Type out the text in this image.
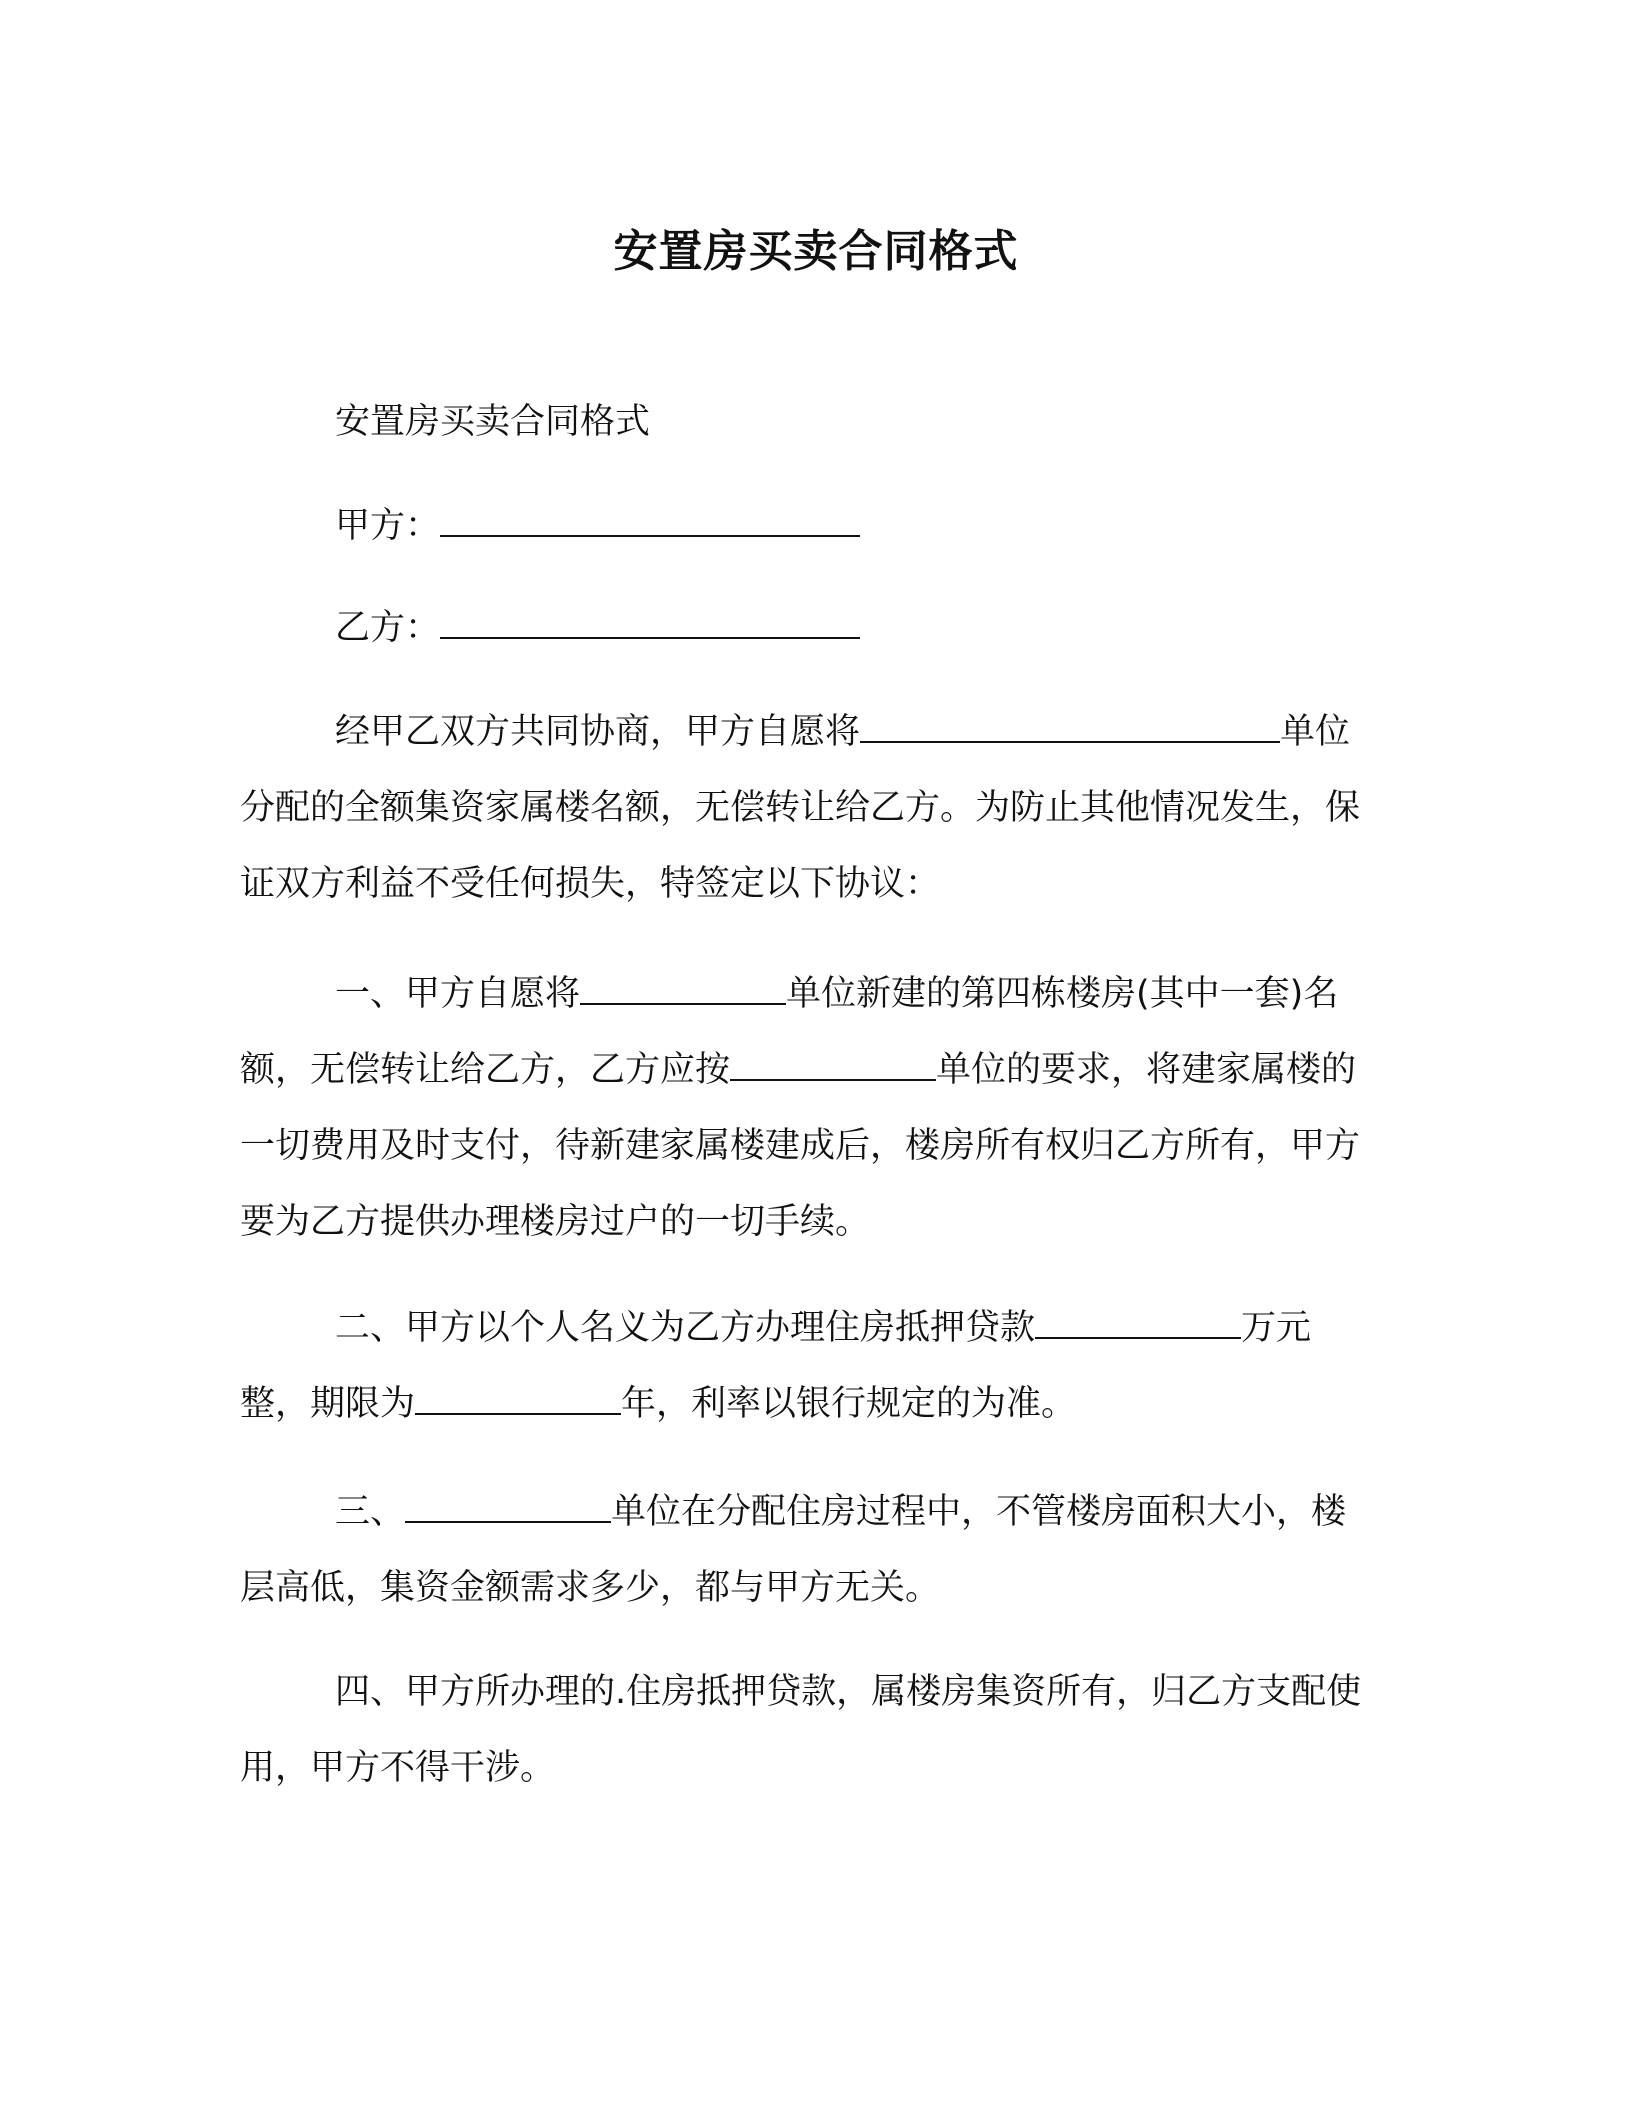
安置房买卖合同格式

安置房买卖合同格式

甲方：

乙方：

经甲乙双方共同协商，甲方自愿将	单位分配的全额集资家属楼名额，无偿转让给乙方。为防止其他情况发生，保证双方利益不受任何损失，特签定以下协议：

一、甲方自愿将	单位新建的第四栋楼房(其中一套)名额，无偿转让给乙方，乙方应按	单位的要求，将建家属楼的一切费用及时支付，待新建家属楼建成后，楼房所有权归乙方所有，甲方要为乙方提供办理楼房过户的一切手续。

二、甲方以个人名义为乙方办理住房抵押贷款	万元整，期限为	年，利率以银行规定的为准。

三、	单位在分配住房过程中，不管楼房面积大小，楼层高低，集资金额需求多少，都与甲方无关。

四、甲方所办理的.住房抵押贷款，属楼房集资所有，归乙方支配使用，甲方不得干涉。
